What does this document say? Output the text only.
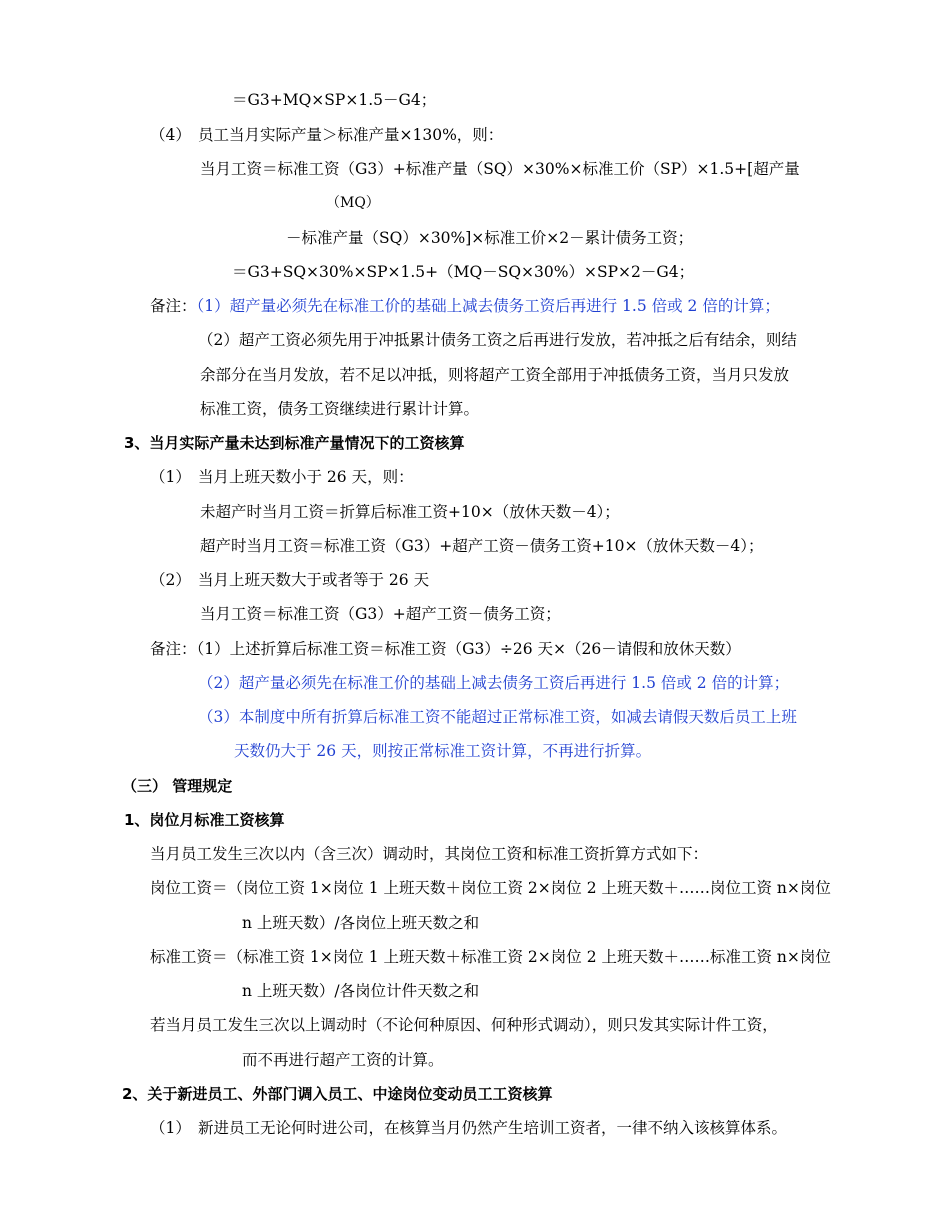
＝G3+MQ×SP×1.5－G4；
（4） 员工当月实际产量＞标准产量×130%，则：
当月工资＝标准工资（G3）+标准产量（SQ）×30%×标准工价（SP）×1.5+[超产量
（MQ）
－标准产量（SQ）×30%]×标准工价×2－累计债务工资；
＝G3+SQ×30%×SP×1.5+（MQ－SQ×30%）×SP×2－G4；
备注：（1）超产量必须先在标准工价的基础上减去债务工资后再进行 1.5 倍或 2 倍的计算；
（2）超产工资必须先用于冲抵累计债务工资之后再进行发放，若冲抵之后有结余，则结
余部分在当月发放，若不足以冲抵，则将超产工资全部用于冲抵债务工资，当月只发放
标准工资，债务工资继续进行累计计算。
3、当月实际产量未达到标准产量情况下的工资核算
（1） 当月上班天数小于 26 天，则：
未超产时当月工资＝折算后标准工资+10×（放休天数－4）；
超产时当月工资＝标准工资（G3）+超产工资－债务工资+10×（放休天数－4）；
（2） 当月上班天数大于或者等于 26 天
当月工资＝标准工资（G3）+超产工资－债务工资；
备注：（1）上述折算后标准工资＝标准工资（G3）÷26 天×（26－请假和放休天数）
（2）超产量必须先在标准工价的基础上减去债务工资后再进行 1.5 倍或 2 倍的计算；
（3）本制度中所有折算后标准工资不能超过正常标准工资，如减去请假天数后员工上班
天数仍大于 26 天，则按正常标准工资计算，不再进行折算。
（三） 管理规定
1、岗位月标准工资核算
当月员工发生三次以内（含三次）调动时，其岗位工资和标准工资折算方式如下：
岗位工资＝（岗位工资 1×岗位 1 上班天数＋岗位工资 2×岗位 2 上班天数＋……岗位工资 n×岗位
n 上班天数）/各岗位上班天数之和
标准工资＝（标准工资 1×岗位 1 上班天数＋标准工资 2×岗位 2 上班天数＋……标准工资 n×岗位
n 上班天数）/各岗位计件天数之和
若当月员工发生三次以上调动时（不论何种原因、何种形式调动），则只发其实际计件工资，
而不再进行超产工资的计算。
2、关于新进员工、外部门调入员工、中途岗位变动员工工资核算
（1） 新进员工无论何时进公司，在核算当月仍然产生培训工资者，一律不纳入该核算体系。
